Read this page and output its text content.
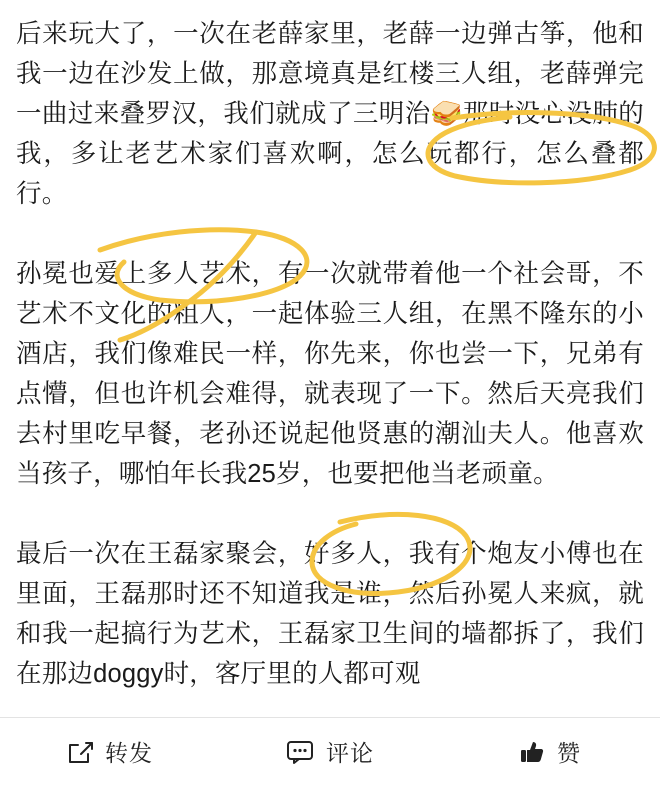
后来玩大了，一次在老薛家里，老薛一边弹古筝，他和我一边在沙发上做，那意境真是红楼三人组，老薛弹完一曲过来叠罗汉，我们就成了三明治🥪那时没心没肺的我，多让老艺术家们喜欢啊，怎么玩都行，怎么叠都行。

孙冕也爱上多人艺术，有一次就带着他一个社会哥，不艺术不文化的粗人，一起体验三人组，在黑不隆东的小酒店，我们像难民一样，你先来，你也尝一下，兄弟有点懵，但也许机会难得，就表现了一下。然后天亮我们去村里吃早餐，老孙还说起他贤惠的潮汕夫人。他喜欢当孩子，哪怕年长我25岁，也要把他当老顽童。

最后一次在王磊家聚会，好多人，我有个炮友小傅也在里面，王磊那时还不知道我是谁，然后孙冕人来疯，就和我一起搞行为艺术，王磊家卫生间的墙都拆了，我们在那边doggy时，客厅里的人都可观

转发	评论	赞
